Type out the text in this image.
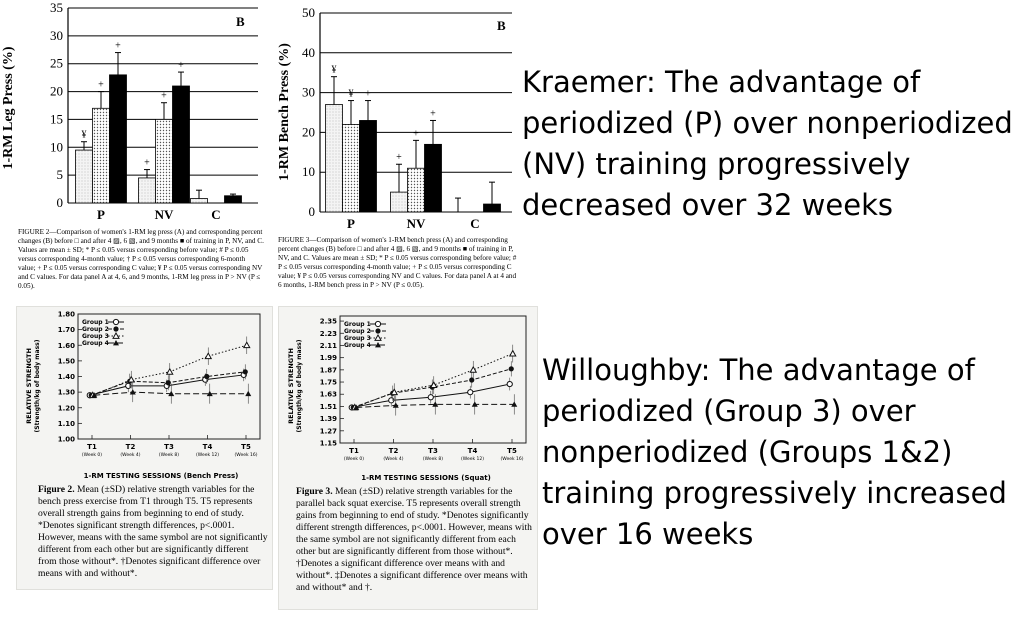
1-RM Leg Press (%)
B
0
5
10
15
20
25
30
35
¥
+
+
+
+
+
P	NV	C

FIGURE 2—Comparison of women's 1-RM leg press (A) and corresponding percent changes (B) before □ and after 4 ▨, 6 ▧, and 9 months ■ of training in P, NV, and C. Values are mean ± SD; * P ≤ 0.05 versus corresponding before value; # P ≤ 0.05 versus corresponding 4-month value; † P ≤ 0.05 versus corresponding 6-month value; + P ≤ 0.05 versus corresponding C value; ¥ P ≤ 0.05 versus corresponding NV and C values. For data panel A at 4, 6, and 9 months, 1-RM leg press in P > NV (P ≤ 0.05).

1-RM Bench Press (%)
B
0
10
20
30
40
50
¥
¥ +
+
+
+
P	NV	C

FIGURE 3—Comparison of women's 1-RM bench press (A) and corresponding percent changes (B) before □ and after 4 ▨, 6 ▧, and 9 months ■ of training in P, NV, and C. Values are mean ± SD; * P ≤ 0.05 versus corresponding before value; # P ≤ 0.05 versus corresponding 4-month value; + P ≤ 0.05 versus corresponding C value; ¥ P ≤ 0.05 versus corresponding NV and C values. For data panel A at 4 and 6 months, 1-RM bench press in P > NV (P ≤ 0.05).

Kraemer: The advantage of periodized (P) over nonperiodized (NV) training progressively decreased over 32 weeks

1.00
1.10
1.20
1.30
1.40
1.50
1.60
1.70
1.80
T1
(Week 0)
T2
(Week 4)
T3
(Week 8)
T4
(Week 12)
T5
(Week 16)
Group 1
Group 2
Group 3
Group 4
RELATIVE STRENGTH (Strength/kg of body mass)
1-RM TESTING SESSIONS (Bench Press)

Figure 2. Mean (±SD) relative strength variables for the bench press exercise from T1 through T5. T5 represents overall strength gains from beginning to end of study. *Denotes significant strength differences, p<.0001. However, means with the same symbol are not significantly different from each other but are significantly different from those without*. †Denotes significant difference over means with and without*.

1.15
1.27
1.39
1.51
1.63
1.75
1.87
1.99
2.11
2.23
2.35
T1
(Week 0)
T2
(Week 4)
T3
(Week 8)
T4
(Week 12)
T5
(Week 16)
Group 1
Group 2
Group 3
Group 4
RELATIVE STRENGTH (Strength/kg of body mass)
1-RM TESTING SESSIONS (Squat)

Figure 3. Mean (±SD) relative strength variables for the parallel back squat exercise. T5 represents overall strength gains from beginning to end of study. *Denotes significantly different strength differences, p<.0001. However, means with the same symbol are not significantly different from each other but are significantly different from those without*. †Denotes a significant difference over means with and without*. ‡Denotes a significant difference over means with and without* and †.

Willoughby: The advantage of periodized (Group 3) over nonperiodized (Groups 1&2) training progressively increased over 16 weeks
